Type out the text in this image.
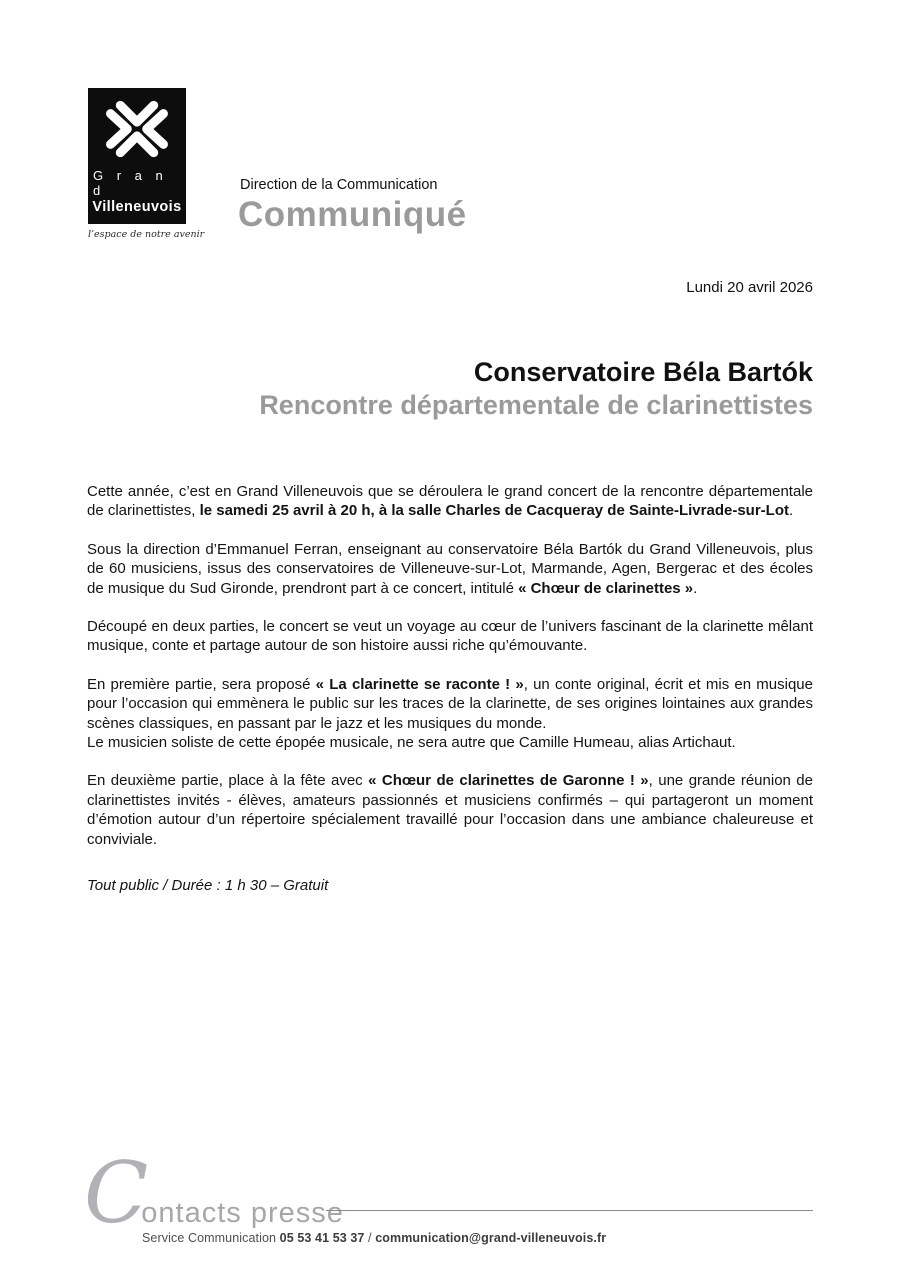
G r a n d
Villeneuvois
l’espace de notre avenir
Direction de la Communication
Communiqué
Lundi 20 avril 2026
Conservatoire Béla Bartók
Rencontre départementale de clarinettistes

Cette année, c’est en Grand Villeneuvois que se déroulera le grand concert de la rencontre départementale de clarinettistes, le samedi 25 avril à 20 h, à la salle Charles de Cacqueray de Sainte-Livrade-sur-Lot.

Sous la direction d’Emmanuel Ferran, enseignant au conservatoire Béla Bartók du Grand Villeneuvois, plus de 60 musiciens, issus des conservatoires de Villeneuve-sur-Lot, Marmande, Agen, Bergerac et des écoles de musique du Sud Gironde, prendront part à ce concert, intitulé « Chœur de clarinettes ».

Découpé en deux parties, le concert se veut un voyage au cœur de l’univers fascinant de la clarinette mêlant musique, conte et partage autour de son histoire aussi riche qu’émouvante.

En première partie, sera proposé « La clarinette se raconte ! », un conte original, écrit et mis en musique pour l’occasion qui emmènera le public sur les traces de la clarinette, de ses origines lointaines aux grandes scènes classiques, en passant par le jazz et les musiques du monde.
Le musicien soliste de cette épopée musicale, ne sera autre que Camille Humeau, alias Artichaut.

En deuxième partie, place à la fête avec « Chœur de clarinettes de Garonne ! », une grande réunion de clarinettistes invités - élèves, amateurs passionnés et musiciens confirmés – qui partageront un moment d’émotion autour d’un répertoire spécialement travaillé pour l’occasion dans une ambiance chaleureuse et conviviale.

Tout public / Durée : 1 h 30 – Gratuit

C
ontacts presse
Service Communication 05 53 41 53 37 / communication@grand-villeneuvois.fr
